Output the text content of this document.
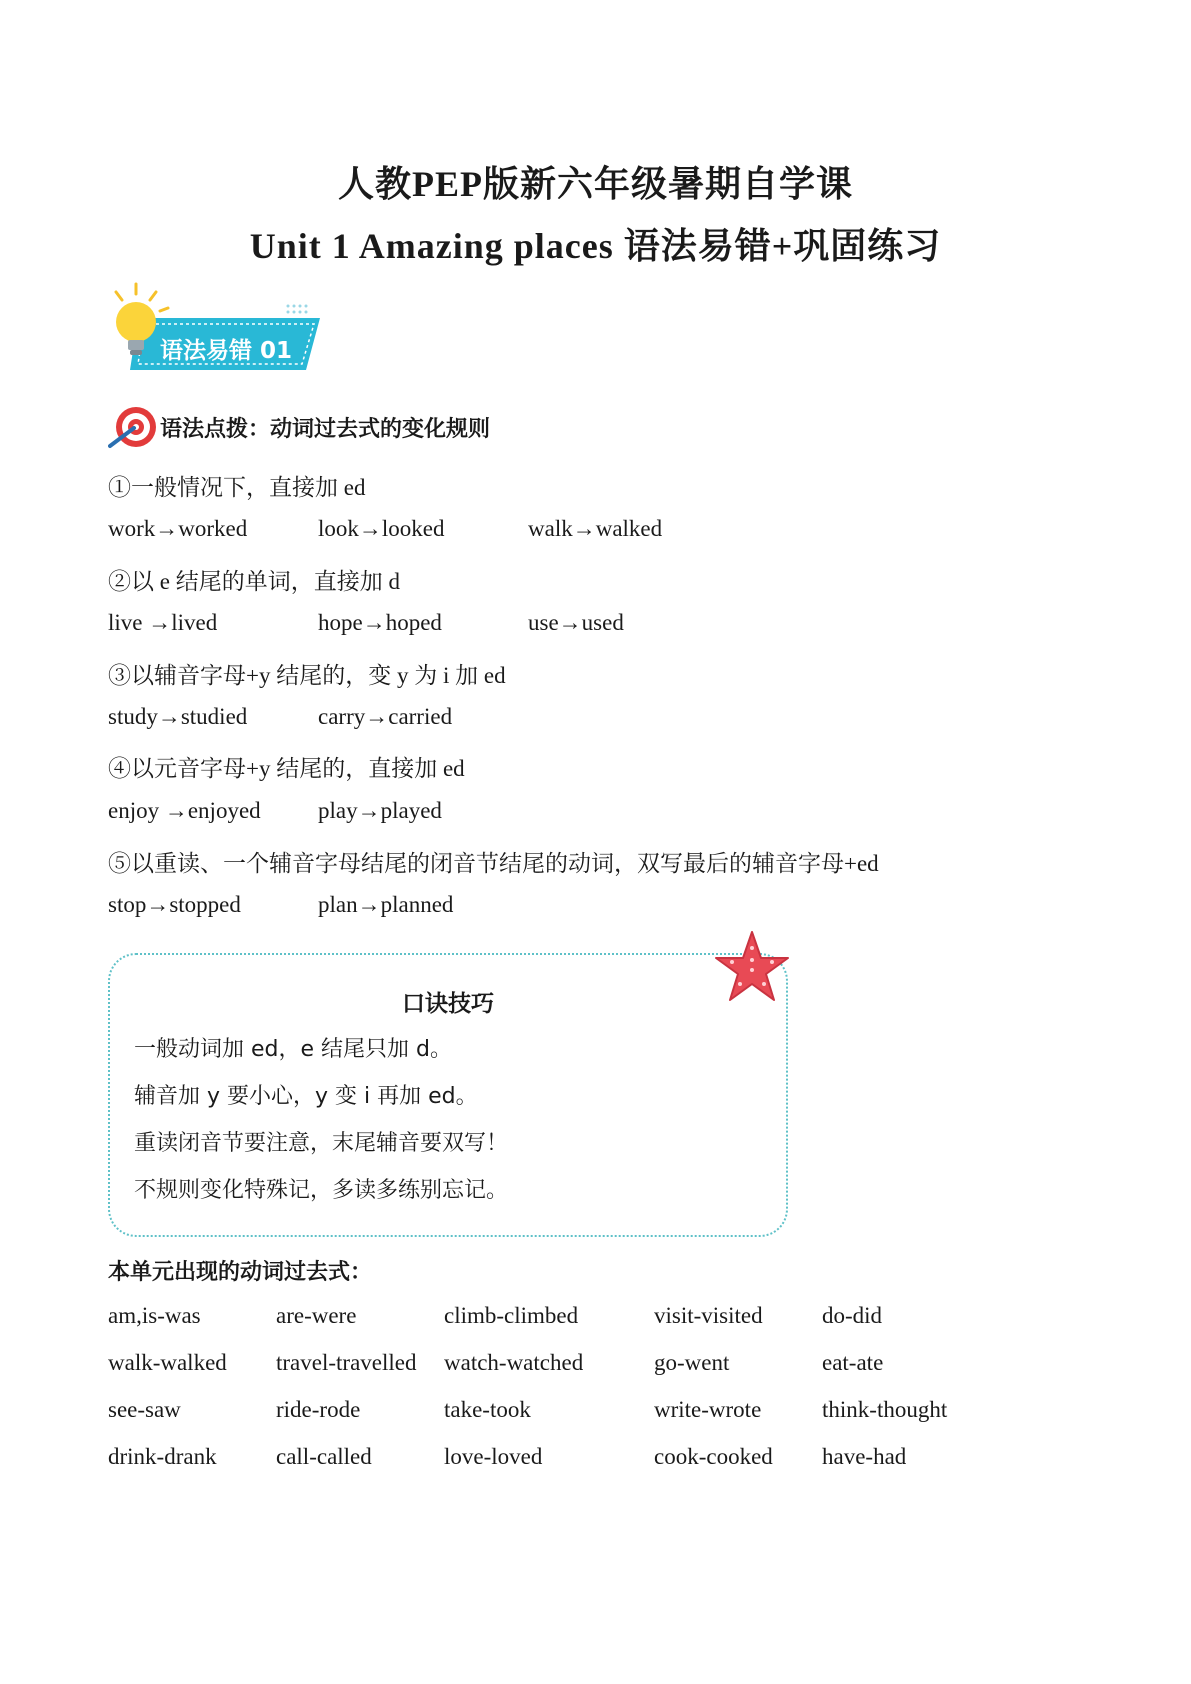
人教PEP版新六年级暑期自学课
Unit 1 Amazing places 语法易错+巩固练习
语法易错 01
语法点拨：动词过去式的变化规则
①一般情况下，直接加 ed
work→worked	look→looked	walk→walked
②以 e 结尾的单词，直接加 d
live →lived	hope→hoped	use→used
③以辅音字母+y 结尾的，变 y 为 i 加 ed
study→studied	carry→carried
④以元音字母+y 结尾的，直接加 ed
enjoy →enjoyed play→played
⑤以重读、一个辅音字母结尾的闭音节结尾的动词，双写最后的辅音字母+ed
stop→stopped	plan→planned
口诀技巧
一般动词加 ed，e 结尾只加 d。
辅音加 y 要小心，y 变 i 再加 ed。
重读闭音节要注意，末尾辅音要双写！
不规则变化特殊记，多读多练别忘记。
本单元出现的动词过去式：
am,is-was	are-were	climb-climbed	visit-visited	do-did
walk-walked travel-travelled watch-watched	go-went	eat-ate
see-saw	ride-rode	take-took	write-wrote	think-thought
drink-drank	call-called	love-loved	cook-cooked have-had
